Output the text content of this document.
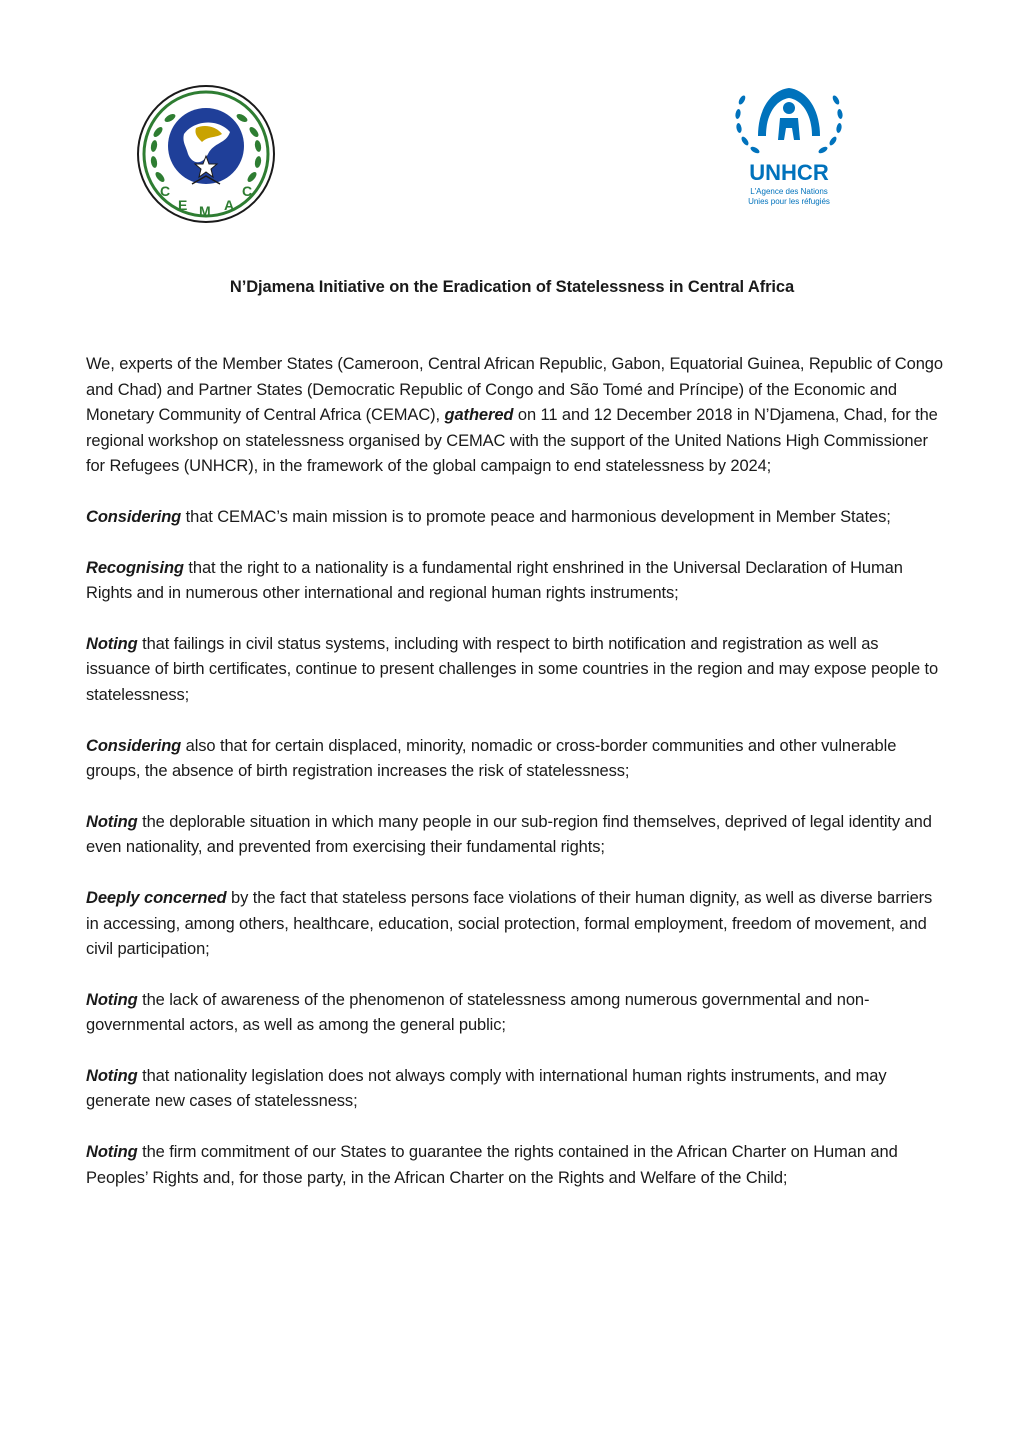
C
E M A
C
UNHCR
L'Agence des Nations
Unies pour les réfugiés
N’Djamena Initiative on the Eradication of Statelessness in Central Africa

We, experts of the Member States (Cameroon, Central African Republic, Gabon, Equatorial Guinea, Republic of Congo and Chad) and Partner States (Democratic Republic of Congo and São Tomé and Príncipe) of the Economic and Monetary Community of Central Africa (CEMAC), gathered on 11 and 12 December 2018 in N’Djamena, Chad, for the regional workshop on statelessness organised by CEMAC with the support of the United Nations High Commissioner for Refugees (UNHCR), in the framework of the global campaign to end statelessness by 2024;

Considering that CEMAC’s main mission is to promote peace and harmonious development in Member States;

Recognising that the right to a nationality is a fundamental right enshrined in the Universal Declaration of Human Rights and in numerous other international and regional human rights instruments;

Noting that failings in civil status systems, including with respect to birth notification and registration as well as issuance of birth certificates, continue to present challenges in some countries in the region and may expose people to statelessness;

Considering also that for certain displaced, minority, nomadic or cross-border communities and other vulnerable groups, the absence of birth registration increases the risk of statelessness;

Noting the deplorable situation in which many people in our sub-region find themselves, deprived of legal identity and even nationality, and prevented from exercising their fundamental rights;

Deeply concerned by the fact that stateless persons face violations of their human dignity, as well as diverse barriers in accessing, among others, healthcare, education, social protection, formal employment, freedom of movement, and civil participation;

Noting the lack of awareness of the phenomenon of statelessness among numerous governmental and non-governmental actors, as well as among the general public;

Noting that nationality legislation does not always comply with international human rights instruments, and may generate new cases of statelessness;

Noting the firm commitment of our States to guarantee the rights contained in the African Charter on Human and Peoples’ Rights and, for those party, in the African Charter on the Rights and Welfare of the Child;
